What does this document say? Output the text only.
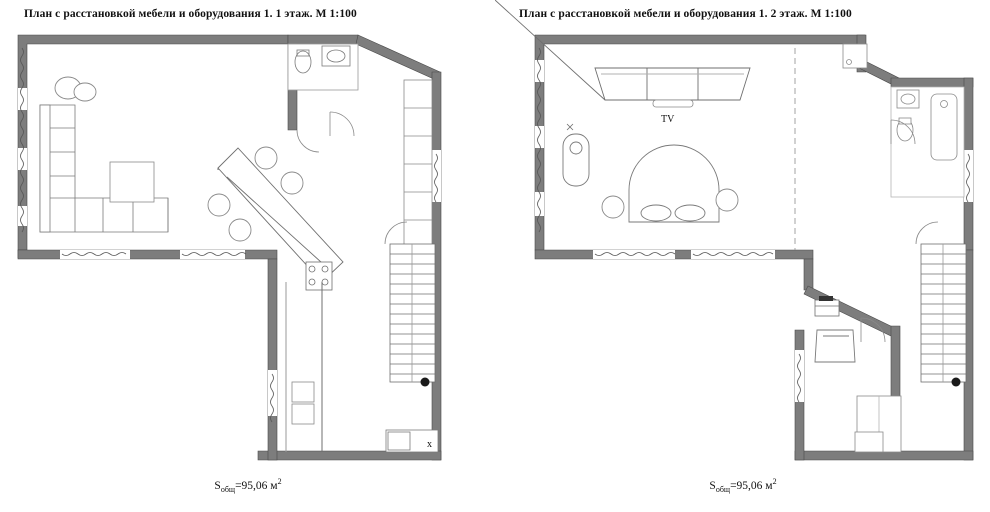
План с расстановкой мебели и оборудования 1. 1 этаж. М 1:100
x
$S_{общ}=95,06$ $м^2$
План с расстановкой мебели и оборудования 1. 2 этаж. М 1:100
TV
$S_{общ}=95,06$ $м^2$
